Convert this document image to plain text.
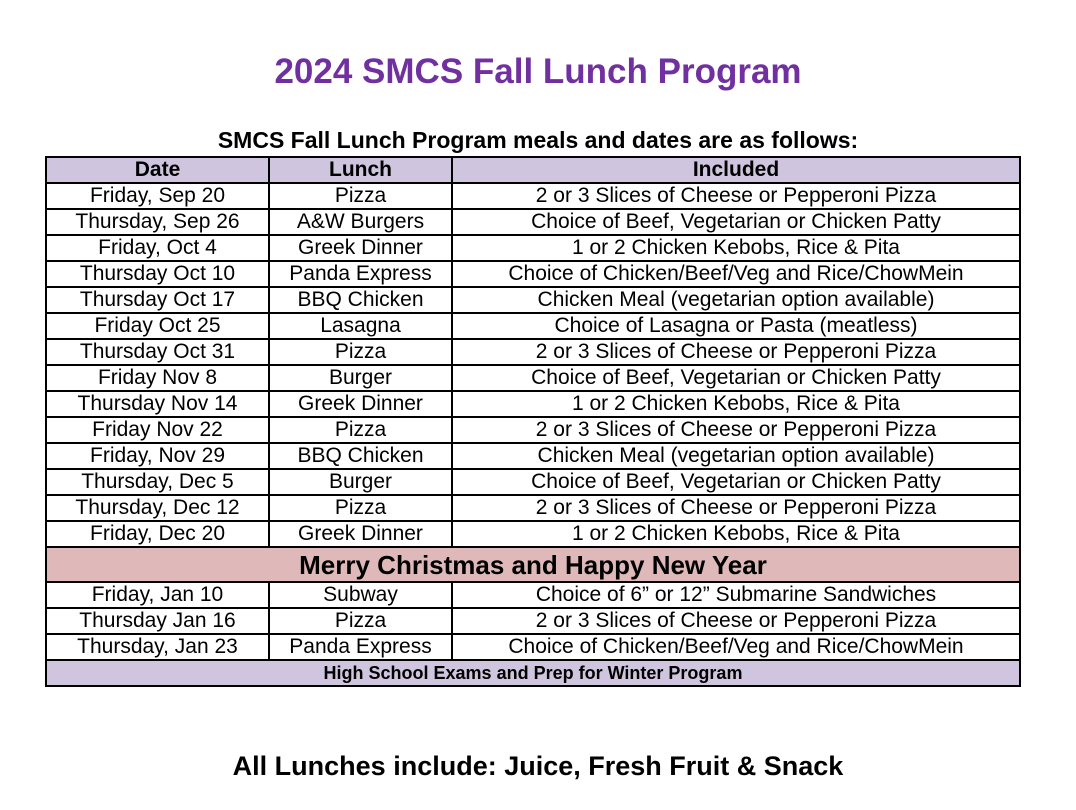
2024 SMCS Fall Lunch Program
SMCS Fall Lunch Program meals and dates are as follows:
Date	Lunch	Included
Friday, Sep 20	Pizza	2 or 3 Slices of Cheese or Pepperoni Pizza
Thursday, Sep 26	A&W Burgers	Choice of Beef, Vegetarian or Chicken Patty
Friday, Oct 4	Greek Dinner	1 or 2 Chicken Kebobs, Rice & Pita
Thursday Oct 10	Panda Express	Choice of Chicken/Beef/Veg and Rice/ChowMein
Thursday Oct 17	BBQ Chicken	Chicken Meal (vegetarian option available)
Friday Oct 25	Lasagna	Choice of Lasagna or Pasta (meatless)
Thursday Oct 31	Pizza	2 or 3 Slices of Cheese or Pepperoni Pizza
Friday Nov 8	Burger	Choice of Beef, Vegetarian or Chicken Patty
Thursday Nov 14	Greek Dinner	1 or 2 Chicken Kebobs, Rice & Pita
Friday Nov 22	Pizza	2 or 3 Slices of Cheese or Pepperoni Pizza
Friday, Nov 29	BBQ Chicken	Chicken Meal (vegetarian option available)
Thursday, Dec 5	Burger	Choice of Beef, Vegetarian or Chicken Patty
Thursday, Dec 12	Pizza	2 or 3 Slices of Cheese or Pepperoni Pizza
Friday, Dec 20	Greek Dinner	1 or 2 Chicken Kebobs, Rice & Pita
Merry Christmas and Happy New Year		
Friday, Jan 10	Subway	Choice of 6” or 12” Submarine Sandwiches
Thursday Jan 16	Pizza	2 or 3 Slices of Cheese or Pepperoni Pizza
Thursday, Jan 23	Panda Express	Choice of Chicken/Beef/Veg and Rice/ChowMein
High School Exams and Prep for Winter Program		
All Lunches include: Juice, Fresh Fruit & Snack
